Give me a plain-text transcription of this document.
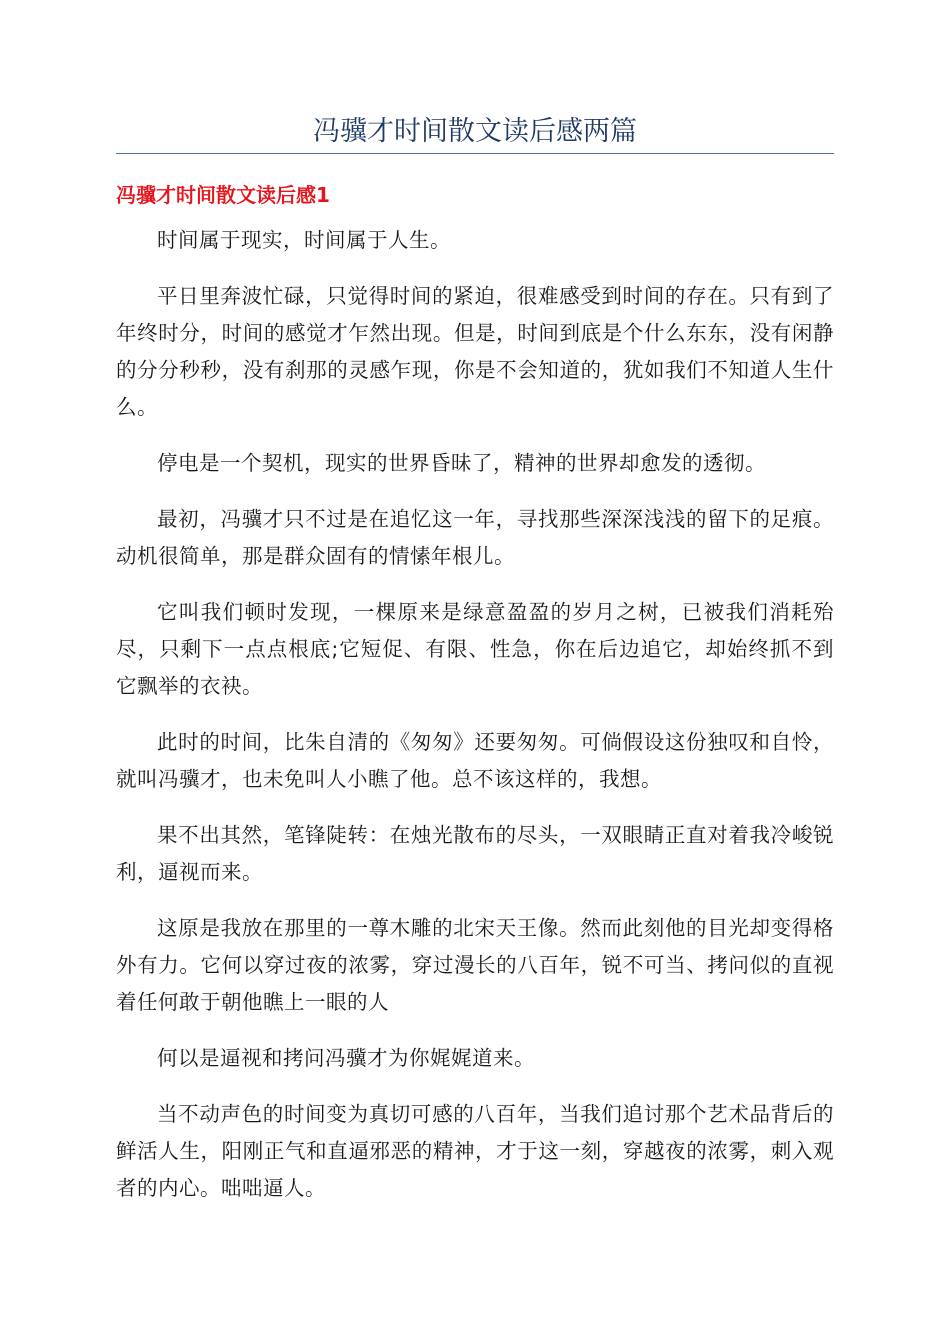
冯骥才时间散文读后感两篇
冯骥才时间散文读后感1

时间属于现实，时间属于人生。

平日里奔波忙碌，只觉得时间的紧迫，很难感受到时间的存在。只有到了年终时分，时间的感觉才乍然出现。但是，时间到底是个什么东东，没有闲静的分分秒秒，没有刹那的灵感乍现，你是不会知道的，犹如我们不知道人生什么。

停电是一个契机，现实的世界昏昧了，精神的世界却愈发的透彻。

最初，冯骥才只不过是在追忆这一年，寻找那些深深浅浅的留下的足痕。动机很简单，那是群众固有的情愫年根儿。

它叫我们顿时发现，一棵原来是绿意盈盈的岁月之树，已被我们消耗殆尽，只剩下一点点根底;它短促、有限、性急，你在后边追它，却始终抓不到它飘举的衣袂。

此时的时间，比朱自清的《匆匆》还要匆匆。可倘假设这份独叹和自怜，就叫冯骥才，也未免叫人小瞧了他。总不该这样的，我想。

果不出其然，笔锋陡转：在烛光散布的尽头，一双眼睛正直对着我冷峻锐利，逼视而来。

这原是我放在那里的一尊木雕的北宋天王像。然而此刻他的目光却变得格外有力。它何以穿过夜的浓雾，穿过漫长的八百年，锐不可当、拷问似的直视着任何敢于朝他瞧上一眼的人

何以是逼视和拷问冯骥才为你娓娓道来。

当不动声色的时间变为真切可感的八百年，当我们追讨那个艺术品背后的鲜活人生，阳刚正气和直逼邪恶的精神，才于这一刻，穿越夜的浓雾，刺入观者的内心。咄咄逼人。
